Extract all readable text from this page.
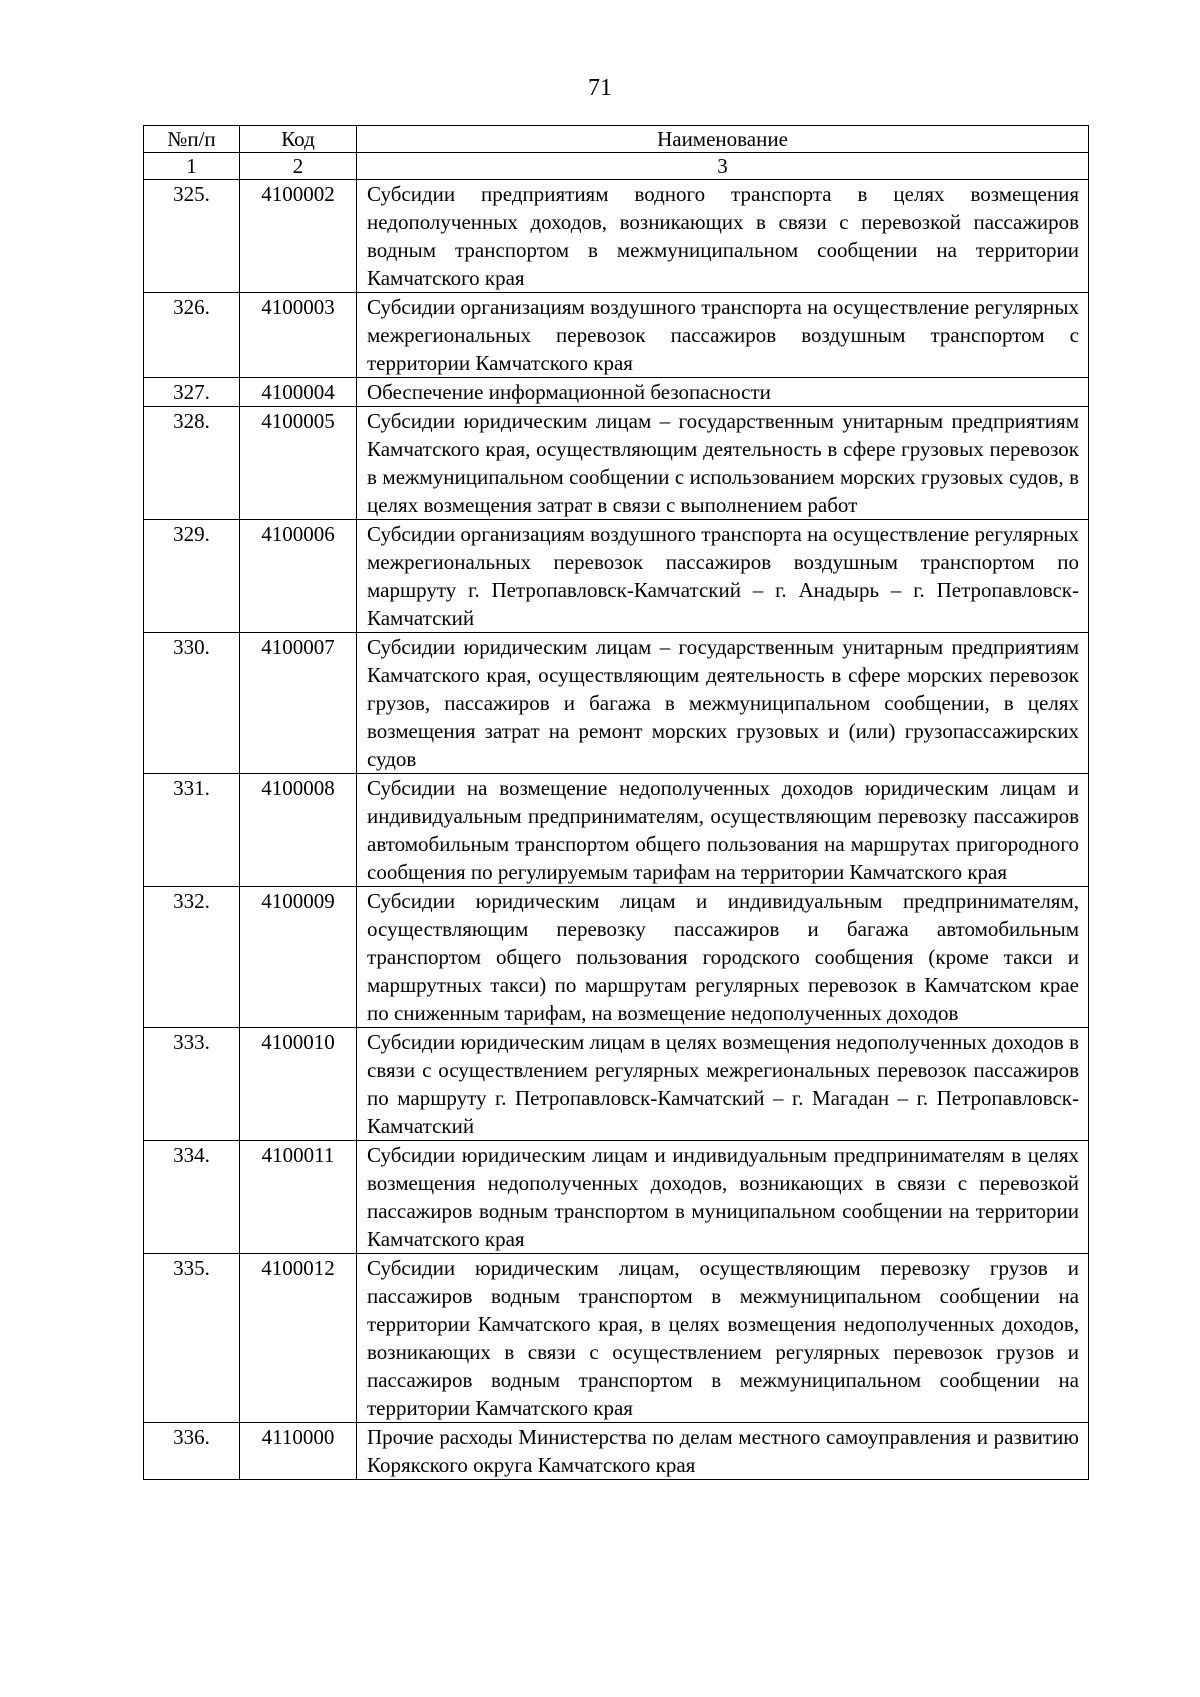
71
№п/п	Код	Наименование
1	2	3
325.	4100002	Субсидии предприятиям водного транспорта в целях возмещения недополученных доходов, возникающих в связи с перевозкой пассажиров водным транспортом в межмуниципальном сообщении на территории Камчатского края
326.	4100003	Субсидии организациям воздушного транспорта на осуществление регулярных межрегиональных перевозок пассажиров воздушным транспортом с территории Камчатского края
327.	4100004	Обеспечение информационной безопасности
328.	4100005	Субсидии юридическим лицам – государственным унитарным предприятиям Камчатского края, осуществляющим деятельность в сфере грузовых перевозок в межмуниципальном сообщении с использованием морских грузовых судов, в целях возмещения затрат в связи с выполнением работ
329.	4100006	Субсидии организациям воздушного транспорта на осуществление регулярных межрегиональных перевозок пассажиров воздушным транспортом по маршруту г. Петропавловск-Камчатский – г. Анадырь – г. Петропавловск-Камчатский
330.	4100007	Субсидии юридическим лицам – государственным унитарным предприятиям Камчатского края, осуществляющим деятельность в сфере морских перевозок грузов, пассажиров и багажа в межмуниципальном сообщении, в целях возмещения затрат на ремонт морских грузовых и (или) грузопассажирских судов
331.	4100008	Субсидии на возмещение недополученных доходов юридическим лицам и индивидуальным предпринимателям, осуществляющим перевозку пассажиров автомобильным транспортом общего пользования на маршрутах пригородного сообщения по регулируемым тарифам на территории Камчатского края
332.	4100009	Субсидии юридическим лицам и индивидуальным предпринимателям, осуществляющим перевозку пассажиров и багажа автомобильным транспортом общего пользования городского сообщения (кроме такси и маршрутных такси) по маршрутам регулярных перевозок в Камчатском крае по сниженным тарифам, на возмещение недополученных доходов
333.	4100010	Субсидии юридическим лицам в целях возмещения недополученных доходов в связи с осуществлением регулярных межрегиональных перевозок пассажиров по маршруту г. Петропавловск-Камчатский – г. Магадан – г. Петропавловск-Камчатский
334.	4100011	Субсидии юридическим лицам и индивидуальным предпринимателям в целях возмещения недополученных доходов, возникающих в связи с перевозкой пассажиров водным транспортом в муниципальном сообщении на территории Камчатского края
335.	4100012	Субсидии юридическим лицам, осуществляющим перевозку грузов и пассажиров водным транспортом в межмуниципальном сообщении на территории Камчатского края, в целях возмещения недополученных доходов, возникающих в связи с осуществлением регулярных перевозок грузов и пассажиров водным транспортом в межмуниципальном сообщении на территории Камчатского края
336.	4110000	Прочие расходы Министерства по делам местного самоуправления и развитию Корякского округа Камчатского края
